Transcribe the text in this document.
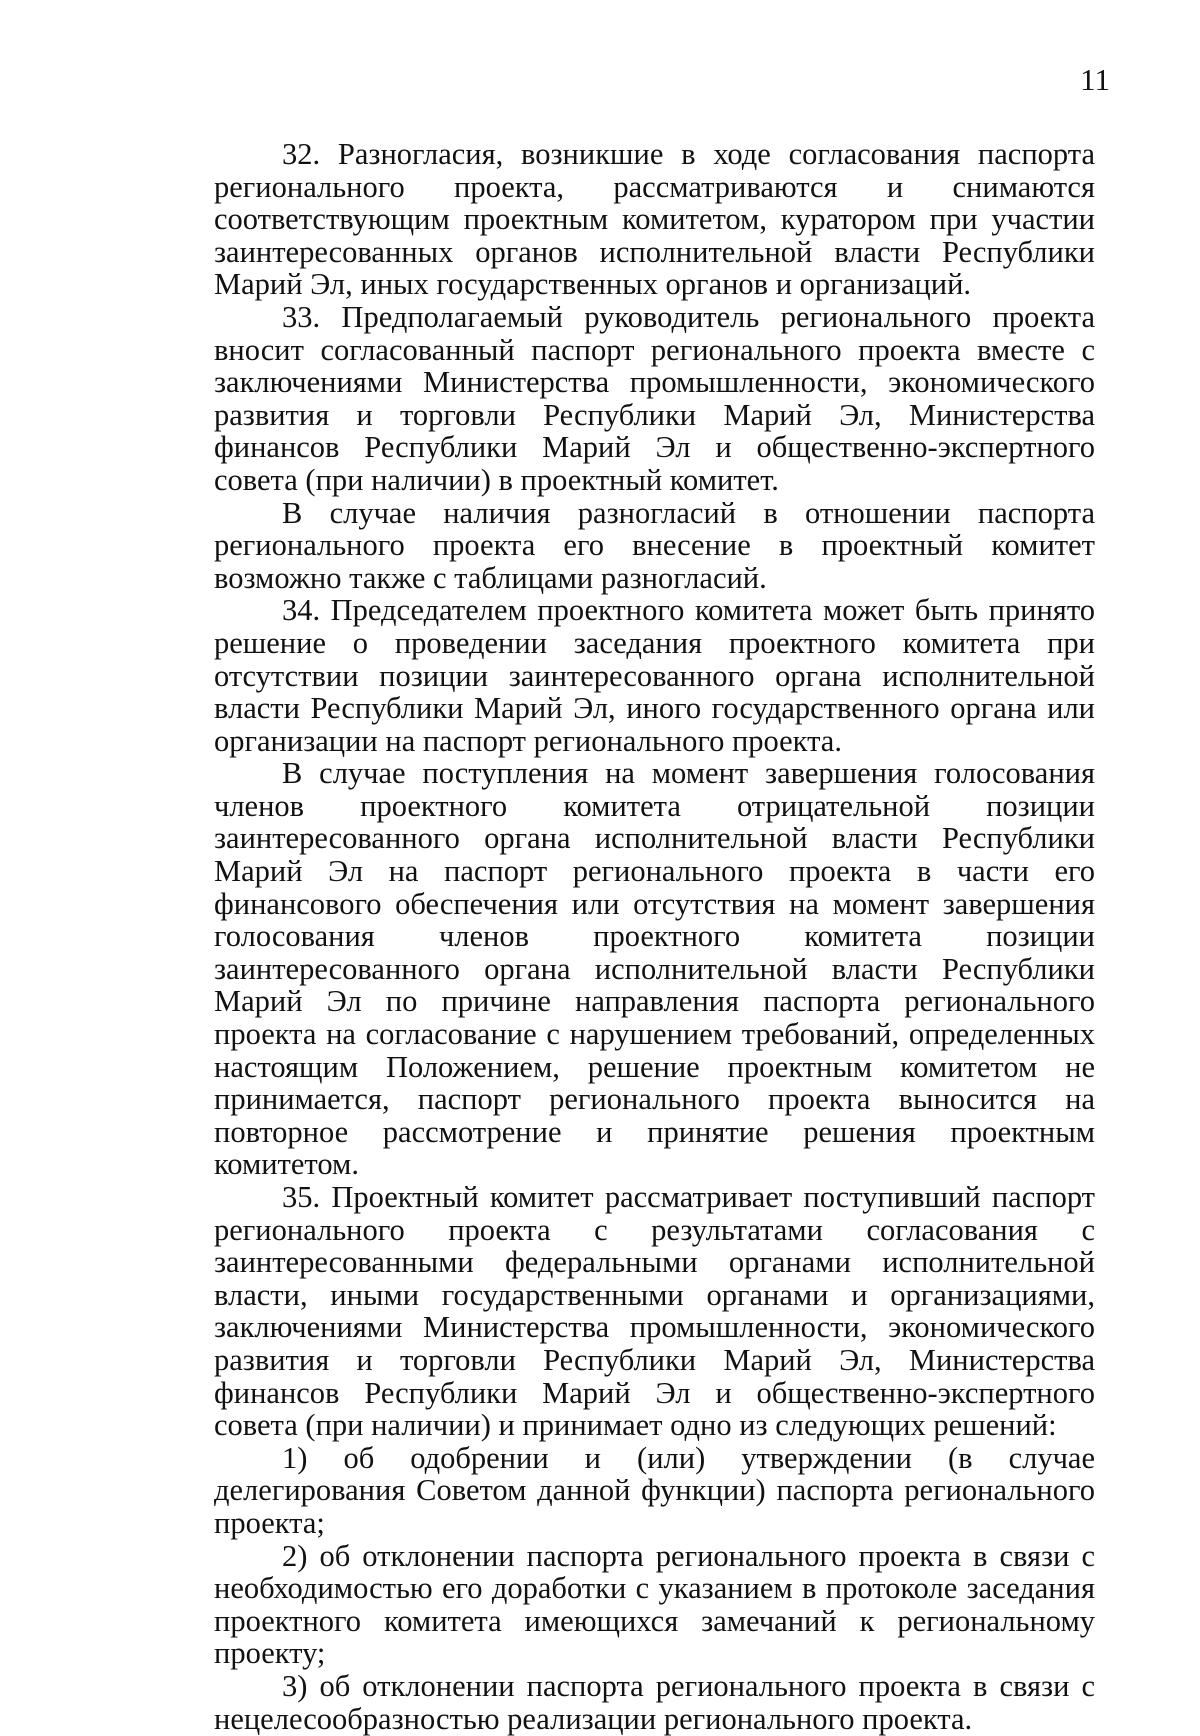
11

32. Разногласия, возникшие в ходе согласования паспорта регионального проекта, рассматриваются и снимаются соответствующим проектным комитетом, куратором при участии заинтересованных органов исполнительной власти Республики Марий Эл, иных государственных органов и организаций.

33. Предполагаемый руководитель регионального проекта вносит согласованный паспорт регионального проекта вместе с заключениями Министерства промышленности, экономического развития и торговли Республики Марий Эл, Министерства финансов Республики Марий Эл и общественно-экспертного совета (при наличии) в проектный комитет.

В случае наличия разногласий в отношении паспорта регионального проекта его внесение в проектный комитет возможно также с таблицами разногласий.

34. Председателем проектного комитета может быть принято решение о проведении заседания проектного комитета при отсутствии позиции заинтересованного органа исполнительной власти Республики Марий Эл, иного государственного органа или организации на паспорт регионального проекта.

В случае поступления на момент завершения голосования членов проектного комитета отрицательной позиции заинтересованного органа исполнительной власти Республики Марий Эл на паспорт регионального проекта в части его финансового обеспечения или отсутствия на момент завершения голосования членов проектного комитета позиции заинтересованного органа исполнительной власти Республики Марий Эл по причине направления паспорта регионального проекта на согласование с нарушением требований, определенных настоящим Положением, решение проектным комитетом не принимается, паспорт регионального проекта выносится на повторное рассмотрение и принятие решения проектным комитетом.

35. Проектный комитет рассматривает поступивший паспорт регионального проекта с результатами согласования с заинтересованными федеральными органами исполнительной власти, иными государственными органами и организациями, заключениями Министерства промышленности, экономического развития и торговли Республики Марий Эл, Министерства финансов Республики Марий Эл и общественно-экспертного совета (при наличии) и принимает одно из следующих решений:

1) об одобрении и (или) утверждении (в случае делегирования Советом данной функции) паспорта регионального проекта;

2) об отклонении паспорта регионального проекта в связи с необходимостью его доработки с указанием в протоколе заседания проектного комитета имеющихся замечаний к региональному проекту;

3) об отклонении паспорта регионального проекта в связи с нецелесообразностью реализации регионального проекта.
